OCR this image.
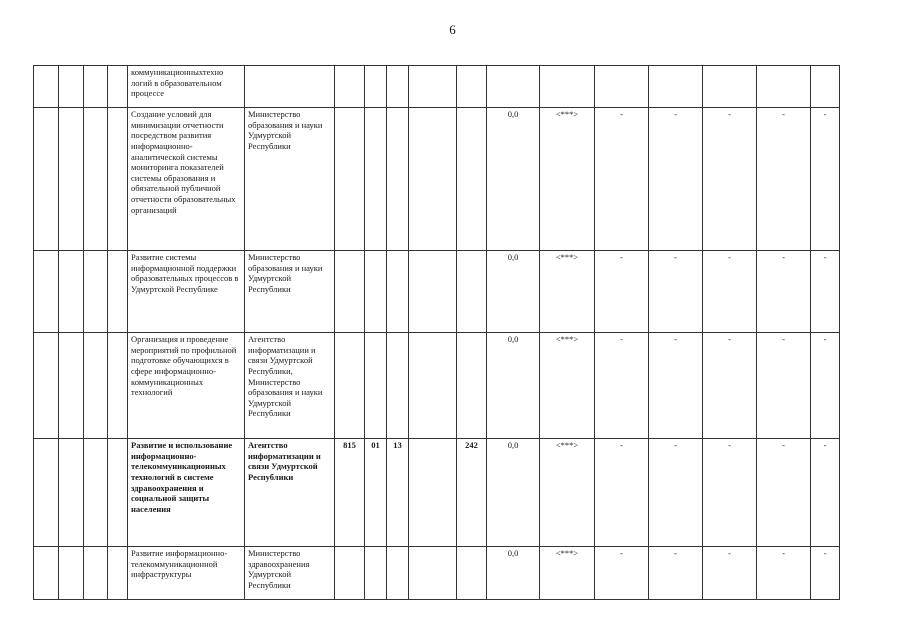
6
				коммуникационныхтехно логий в образовательном процессе													
				Создание условий для минимизации отчетности посредством развития информационно-аналитической системы мониторинга показателей системы образования и обязательной публичной отчетности образовательных организаций	Министерство образования и науки Удмуртской Республики						0,0	<***>	-	-	-	-	-
				Развитие системы информационной поддержки образовательных процессов в Удмуртской Республике	Министерство образования и науки Удмуртской Республики						0,0	<***>	-	-	-	-	-
				Организация и проведение мероприятий по профильной подготовке обучающихся в сфере информационно-коммуникационных технологий	Агентство информатизации и связи Удмуртской Республики, Министерство образования и науки Удмуртской Республики						0,0	<***>	-	-	-	-	-
				Развитие и использование информационно-телекоммуникационных технологий в системе здравоохранения и социальной защиты населения	Агентство информатизации и связи Удмуртской Республики	815	01	13		242	0,0	<***>	-	-	-	-	-
				Развитие информационно-телекоммуникационной инфраструктуры	Министерство здравоохранения Удмуртской Республики						0,0	<***>	-	-	-	-	-
